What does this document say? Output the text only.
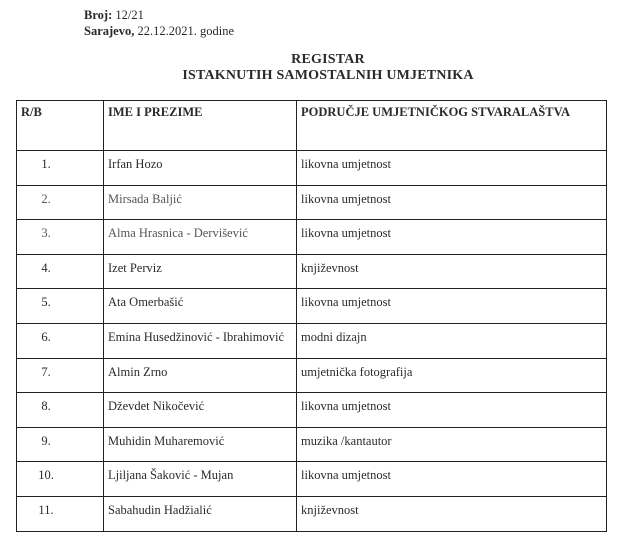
Broj: 12/21
Sarajevo, 22.12.2021. godine
REGISTAR
ISTAKNUTIH SAMOSTALNIH UMJETNIKA
R/B	IME I PREZIME	PODRUČJE UMJETNIČKOG STVARALAŠTVA
1.	Irfan Hozo	likovna umjetnost
2.	Mirsada Baljić	likovna umjetnost
3.	Alma Hrasnica - Dervišević	likovna umjetnost
4.	Izet Perviz	književnost
5.	Ata Omerbašić	likovna umjetnost
6.	Emina Husedžinović - Ibrahimović	modni dizajn
7.	Almin Zrno	umjetnička fotografija
8.	Dževdet Nikočević	likovna umjetnost
9.	Muhidin Muharemović	muzika /kantautor
10.	Ljiljana Šaković - Mujan	likovna umjetnost
11.	Sabahudin Hadžialić	književnost
